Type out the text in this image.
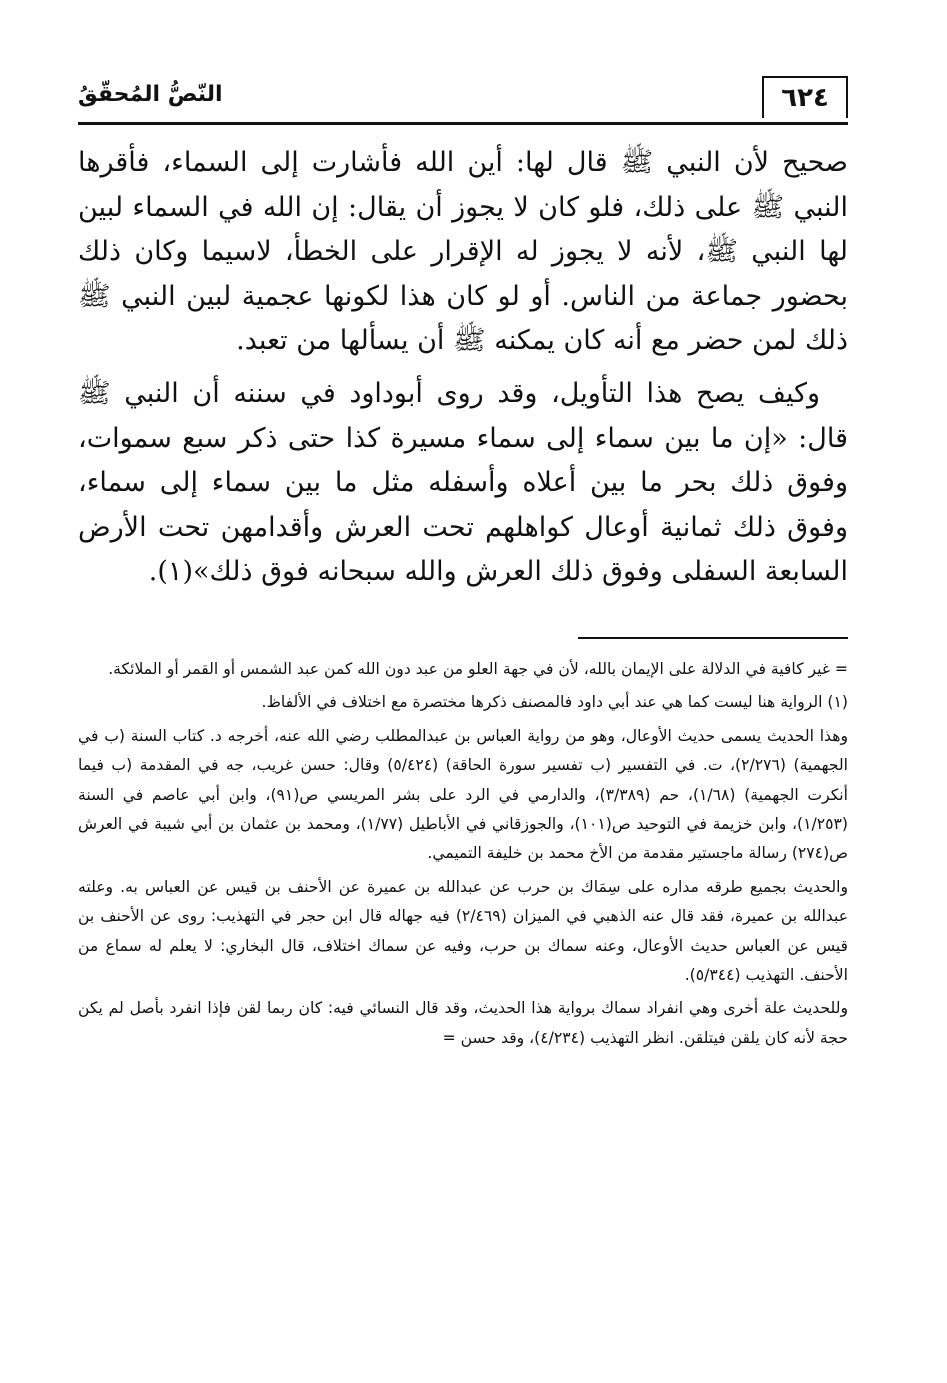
٦٢٤
النّصُّ المُحقّقُ

صحيح لأن النبي ﷺ قال لها: أين الله فأشارت إلى السماء، فأقرها النبي ﷺ على ذلك، فلو كان لا يجوز أن يقال: إن الله في السماء لبين لها النبي ﷺ، لأنه لا يجوز له الإقرار على الخطأ، لاسيما وكان ذلك بحضور جماعة من الناس. أو لو كان هذا لكونها عجمية لبين النبي ﷺ ذلك لمن حضر مع أنه كان يمكنه ﷺ أن يسألها من تعبد.

وكيف يصح هذا التأويل، وقد روى أبوداود في سننه أن النبي ﷺ قال: «إن ما بين سماء إلى سماء مسيرة كذا حتى ذكر سبع سموات، وفوق ذلك بحر ما بين أعلاه وأسفله مثل ما بين سماء إلى سماء، وفوق ذلك ثمانية أوعال كواهلهم تحت العرش وأقدامهن تحت الأرض السابعة السفلى وفوق ذلك العرش والله سبحانه فوق ذلك»(١).

= غير كافية في الدلالة على الإيمان بالله، لأن في جهة العلو من عبد دون الله كمن عبد الشمس أو القمر أو الملائكة.

(١) الرواية هنا ليست كما هي عند أبي داود فالمصنف ذكرها مختصرة مع اختلاف في الألفاظ.

وهذا الحديث يسمى حديث الأوعال، وهو من رواية العباس بن عبدالمطلب رضي الله عنه، أخرجه د. كتاب السنة (ب في الجهمية) (٢/٢٧٦)، ت. في التفسير (ب تفسير سورة الحاقة) (٥/٤٢٤) وقال: حسن غريب، جه في المقدمة (ب فيما أنكرت الجهمية) (١/٦٨)، حم (٣/٣٨٩)، والدارمي في الرد على بشر المريسي ص(٩١)، وابن أبي عاصم في السنة (١/٢٥٣)، وابن خزيمة في التوحيد ص(١٠١)، والجوزقاني في الأباطيل (١/٧٧)، ومحمد بن عثمان بن أبي شيبة في العرش ص(٢٧٤) رسالة ماجستير مقدمة من الأخ محمد بن خليفة التميمي.

والحديث بجميع طرقه مداره على سِمَاك بن حرب عن عبدالله بن عميرة عن الأحنف بن قيس عن العباس به. وعلته عبدالله بن عميرة، فقد قال عنه الذهبي في الميزان (٢/٤٦٩) فيه جهاله قال ابن حجر في التهذيب: روى عن الأحنف بن قيس عن العباس حديث الأوعال، وعنه سماك بن حرب، وفيه عن سماك اختلاف، قال البخاري: لا يعلم له سماع من الأحنف. التهذيب (٥/٣٤٤).

وللحديث علة أخرى وهي انفراد سماك برواية هذا الحديث، وقد قال النسائي فيه: كان ربما لقن فإذا انفرد بأصل لم يكن حجة لأنه كان يلقن فيتلقن. انظر التهذيب (٤/٢٣٤)، وقد حسن =
